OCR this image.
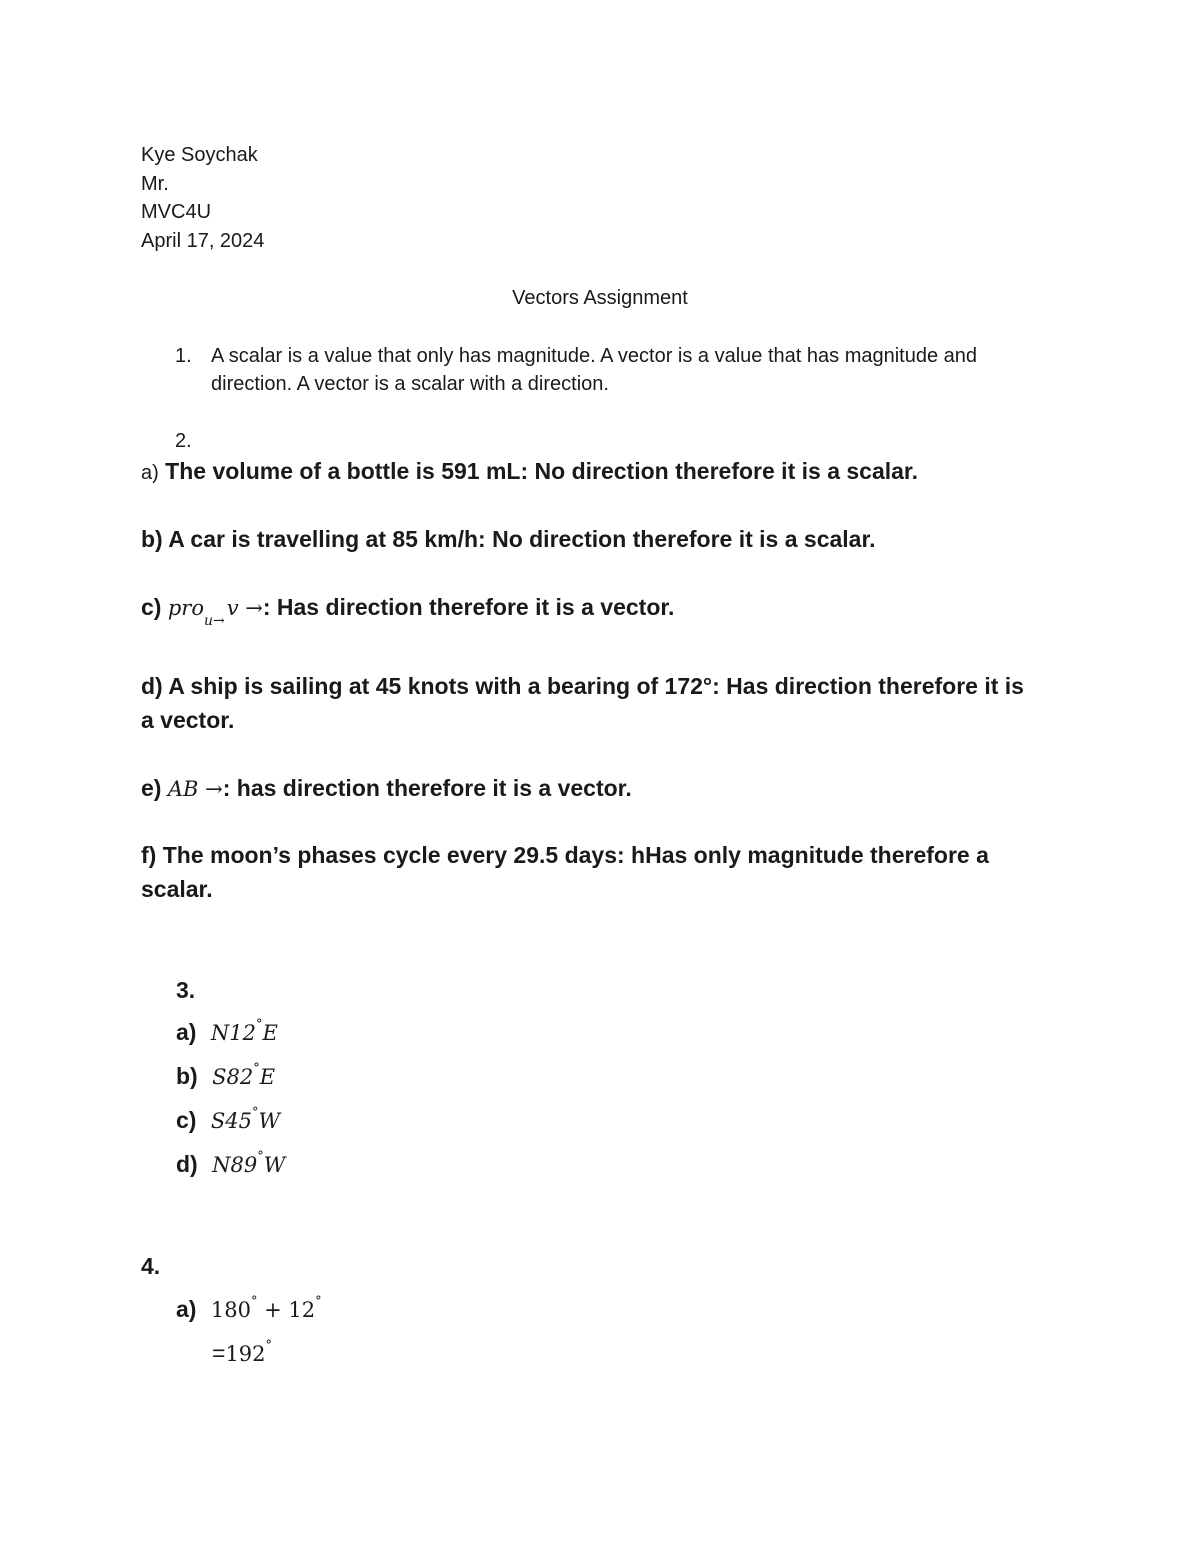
Kye Soychak
Mr.
MVC4U
April 17, 2024
Vectors Assignment
1. A scalar is a value that only has magnitude. A vector is a value that has magnitude and
direction. A vector is a scalar with a direction.
2.
a) The volume of a bottle is 591 mL: No direction therefore it is a scalar.
b) A car is travelling at 85 km/h: No direction therefore it is a scalar.
c) pro$_{u\to}$v →: Has direction therefore it is a vector.
d) A ship is sailing at 45 knots with a bearing of 172°: Has direction therefore it is
a vector.
e) AB →: has direction therefore it is a vector.
f) The moon’s phases cycle every 29.5 days: hHas only magnitude therefore a
scalar.
3.
a) N12°E
b) S82°E
c) S45°W
d) N89°W
4.
a) 180° + 12°
=192°
